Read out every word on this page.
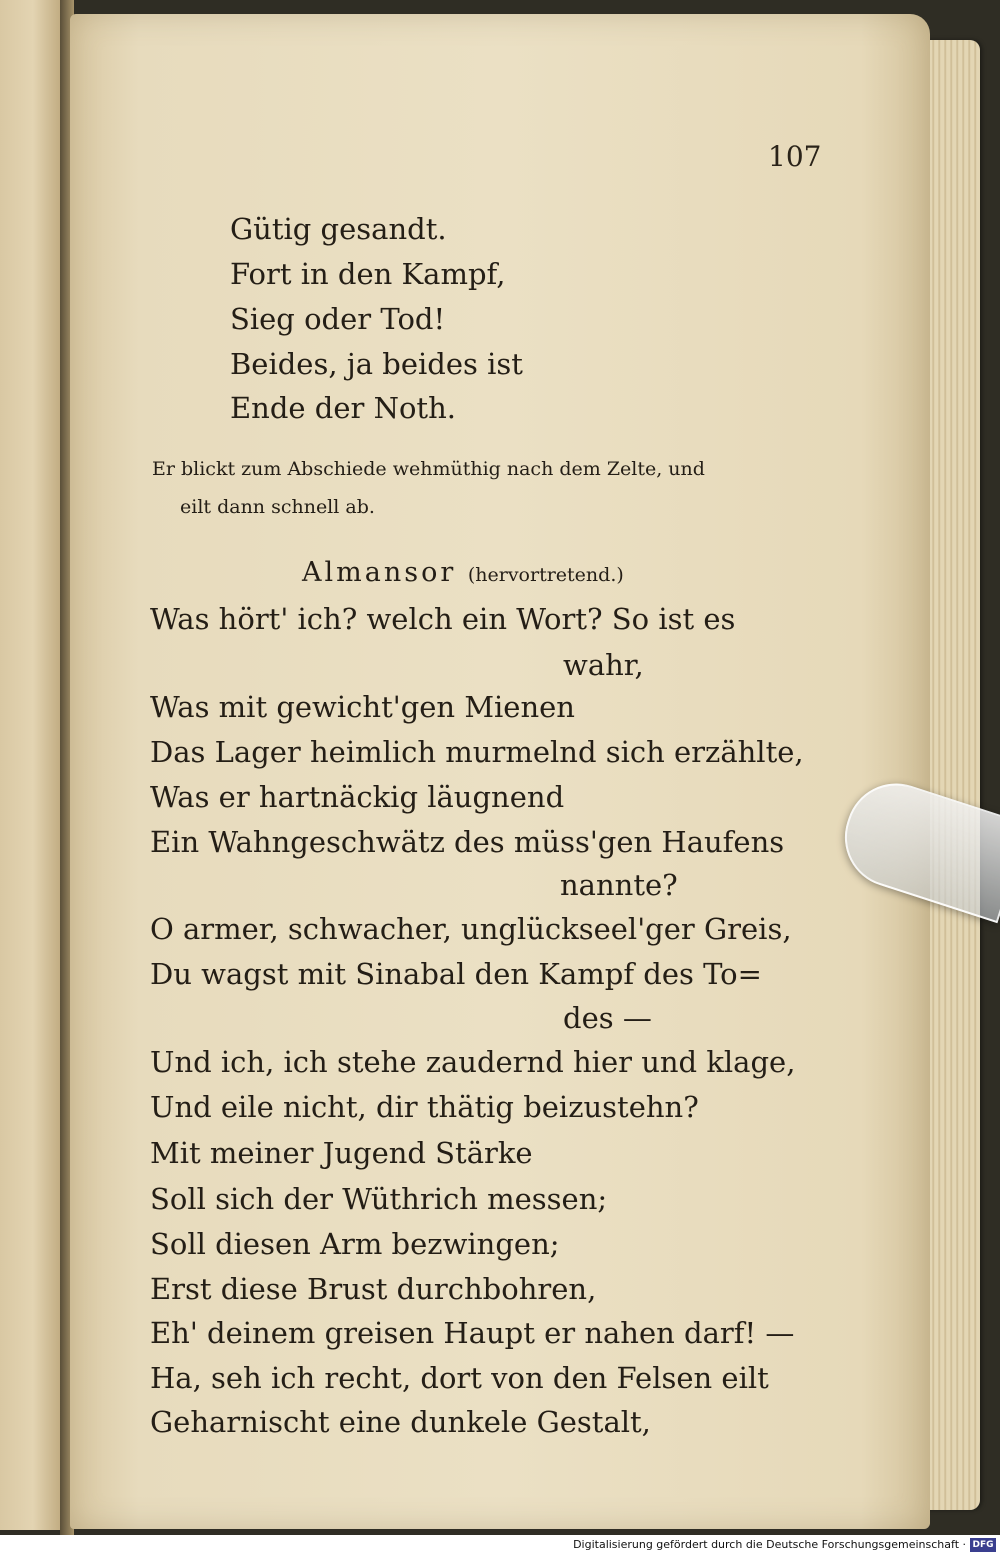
107
Gütig gesandt.
Fort in den Kampf,
Sieg oder Tod!
Beides, ja beides ist
Ende der Noth.
Er blickt zum Abschiede wehmüthig nach dem Zelte, und
eilt dann schnell ab.
Almansor (hervortretend.)
Was hört' ich? welch ein Wort? So ist es
wahr,
Was mit gewicht'gen Mienen
Das Lager heimlich murmelnd sich erzählte,
Was er hartnäckig läugnend
Ein Wahngeschwätz des müss'gen Haufens
nannte?
O armer, schwacher, unglückseel'ger Greis,
Du wagst mit Sinabal den Kampf des To=
des —
Und ich, ich stehe zaudernd hier und klage,
Und eile nicht, dir thätig beizustehn?
Mit meiner Jugend Stärke
Soll sich der Wüthrich messen;
Soll diesen Arm bezwingen;
Erst diese Brust durchbohren,
Eh' deinem greisen Haupt er nahen darf! —
Ha, seh ich recht, dort von den Felsen eilt
Geharnischt eine dunkele Gestalt,
Digitalisierung gefördert durch die Deutsche Forschungsgemeinschaft · DFG
